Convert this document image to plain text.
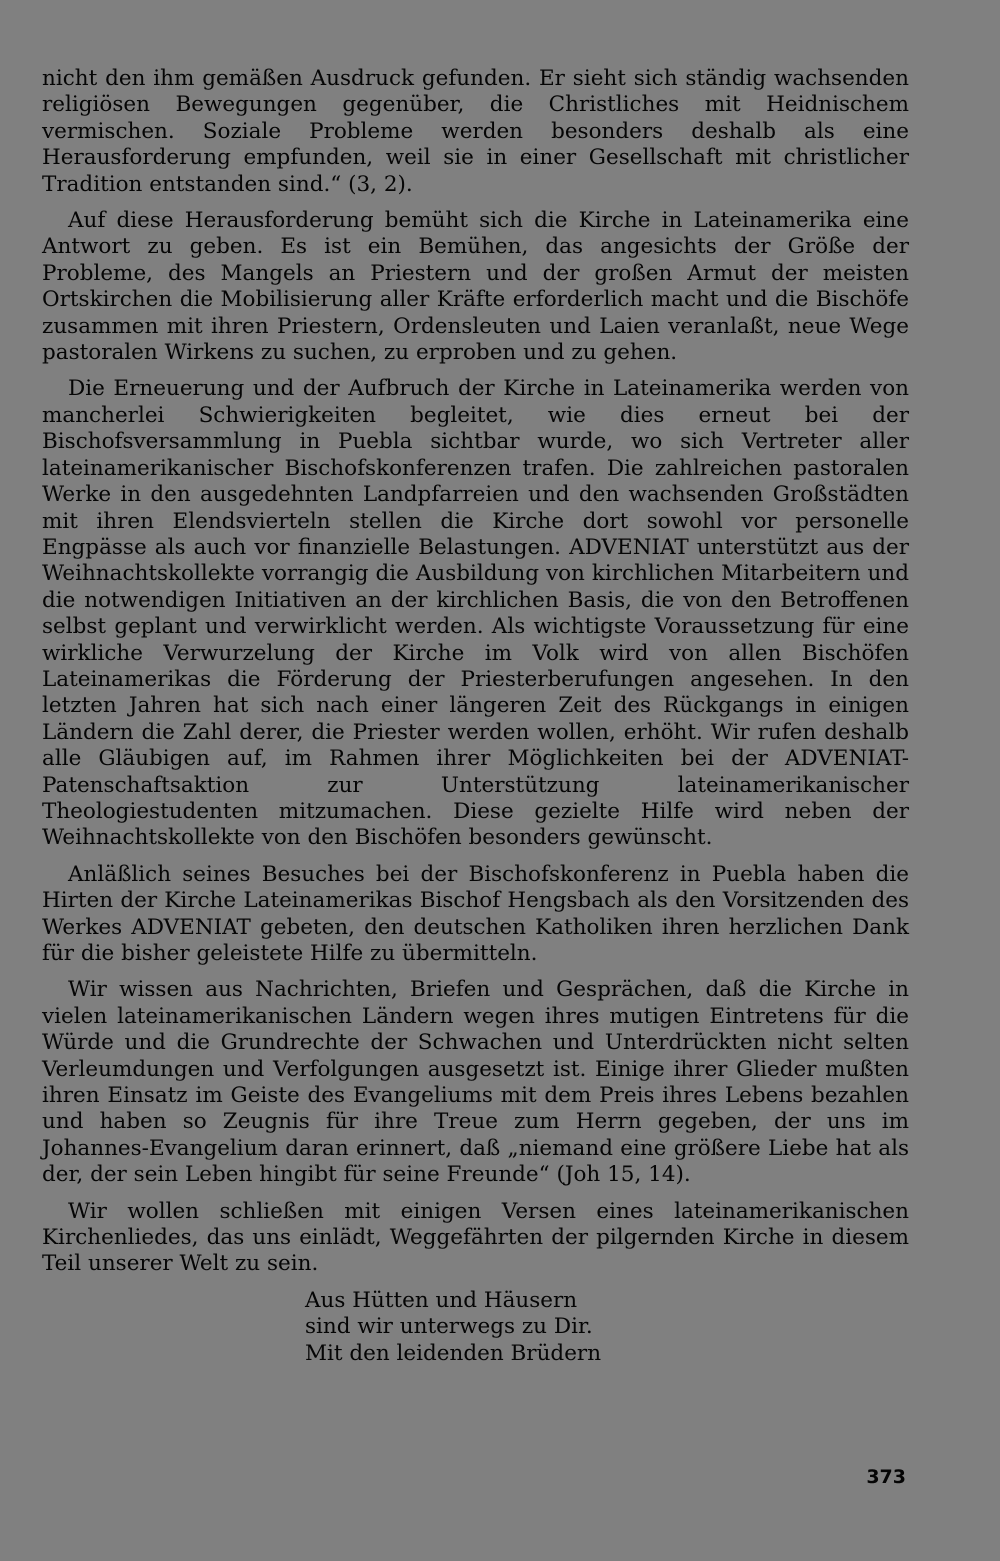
nicht den ihm gemäßen Ausdruck gefunden. Er sieht sich ständig wachsenden religiösen Bewegungen gegenüber, die Christliches mit Heidnischem vermischen. Soziale Probleme werden besonders deshalb als eine Herausforderung empfunden, weil sie in einer Gesellschaft mit christlicher Tradition entstanden sind.“ (3, 2).

Auf diese Herausforderung bemüht sich die Kirche in Lateinamerika eine Antwort zu geben. Es ist ein Bemühen, das angesichts der Größe der Probleme, des Mangels an Priestern und der großen Armut der meisten Ortskirchen die Mobilisierung aller Kräfte erforderlich macht und die Bischöfe zusammen mit ihren Priestern, Ordensleuten und Laien veranlaßt, neue Wege pastoralen Wirkens zu suchen, zu erproben und zu gehen.

Die Erneuerung und der Aufbruch der Kirche in Lateinamerika werden von mancherlei Schwierigkeiten begleitet, wie dies erneut bei der Bischofsversammlung in Puebla sichtbar wurde, wo sich Vertreter aller lateinamerikanischer Bischofskonferenzen trafen. Die zahlreichen pastoralen Werke in den ausgedehnten Landpfarreien und den wachsenden Großstädten mit ihren Elendsvierteln stellen die Kirche dort sowohl vor personelle Engpässe als auch vor finanzielle Belastungen. ADVENIAT unterstützt aus der Weihnachtskollekte vorrangig die Ausbildung von kirchlichen Mitarbeitern und die notwendigen Initiativen an der kirchlichen Basis, die von den Betroffenen selbst geplant und verwirklicht werden. Als wichtigste Voraussetzung für eine wirkliche Verwurzelung der Kirche im Volk wird von allen Bischöfen Lateinamerikas die Förderung der Priesterberufungen angesehen. In den letzten Jahren hat sich nach einer längeren Zeit des Rückgangs in einigen Ländern die Zahl derer, die Priester werden wollen, erhöht. Wir rufen deshalb alle Gläubigen auf, im Rahmen ihrer Möglichkeiten bei der ADVENIAT-Patenschaftsaktion zur Unterstützung lateinamerikanischer Theologiestudenten mitzumachen. Diese gezielte Hilfe wird neben der Weihnachtskollekte von den Bischöfen besonders gewünscht.

Anläßlich seines Besuches bei der Bischofskonferenz in Puebla haben die Hirten der Kirche Lateinamerikas Bischof Hengsbach als den Vorsitzenden des Werkes ADVENIAT gebeten, den deutschen Katholiken ihren herzlichen Dank für die bisher geleistete Hilfe zu übermitteln.

Wir wissen aus Nachrichten, Briefen und Gesprächen, daß die Kirche in vielen lateinamerikanischen Ländern wegen ihres mutigen Eintretens für die Würde und die Grundrechte der Schwachen und Unterdrückten nicht selten Verleumdungen und Verfolgungen ausgesetzt ist. Einige ihrer Glieder mußten ihren Einsatz im Geiste des Evangeliums mit dem Preis ihres Lebens bezahlen und haben so Zeugnis für ihre Treue zum Herrn gegeben, der uns im Johannes-Evangelium daran erinnert, daß „niemand eine größere Liebe hat als der, der sein Leben hingibt für seine Freunde“ (Joh 15, 14).

Wir wollen schließen mit einigen Versen eines lateinamerikanischen Kirchenliedes, das uns einlädt, Weggefährten der pilgernden Kirche in diesem Teil unserer Welt zu sein.

Aus Hütten und Häusern
sind wir unterwegs zu Dir.
Mit den leidenden Brüdern
373
